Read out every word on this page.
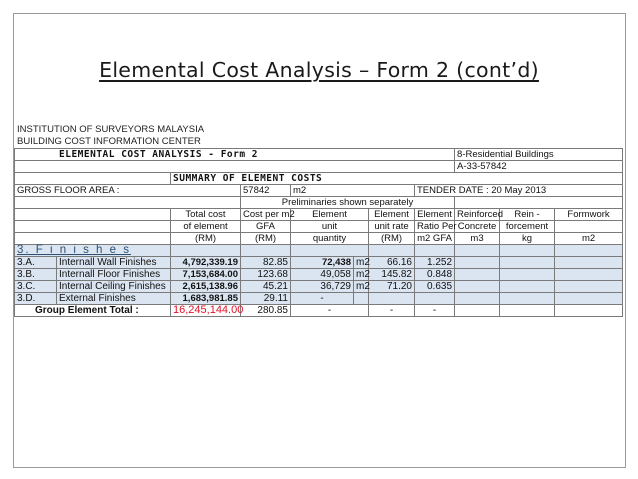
Elemental Cost Analysis – Form 2 (cont’d)
INSTITUTION OF SURVEYORS MALAYSIA
BUILDING COST INFORMATION CENTER
ELEMENTAL COST ANALYSIS - Form 2								8-Residential Buildings		
								A-33-57842		
		SUMMARY OF ELEMENT COSTS								
GROSS FLOOR AREA :			57842	m2			TENDER DATE : 20 May 2013			
			Preliminaries shown separately							
		Total cost	Cost per m2	Element		Element	Element	Reinforced	Rein -	Formwork
		of element	GFA	unit		unit rate	Ratio Per	Concrete	forcement	
		(RM)	(RM)	quantity		(RM)	m2 GFA	m3	kg	m2
3. F i n i s h e s										
3.A.	Internall Wall Finishes	4,792,339.19	82.85	72,438	m2	66.16	1.252			
3.B.	Internall Floor Finishes	7,153,684.00	123.68	49,058	m2	145.82	0.848			
3.C.	Internal Ceiling Finishes	2,615,138.96	45.21	36,729	m2	71.20	0.635			
3.D.	External Finishes	1,683,981.85	29.11	-						
Group Element Total :		16,245,144.00	280.85	-		-	-			
